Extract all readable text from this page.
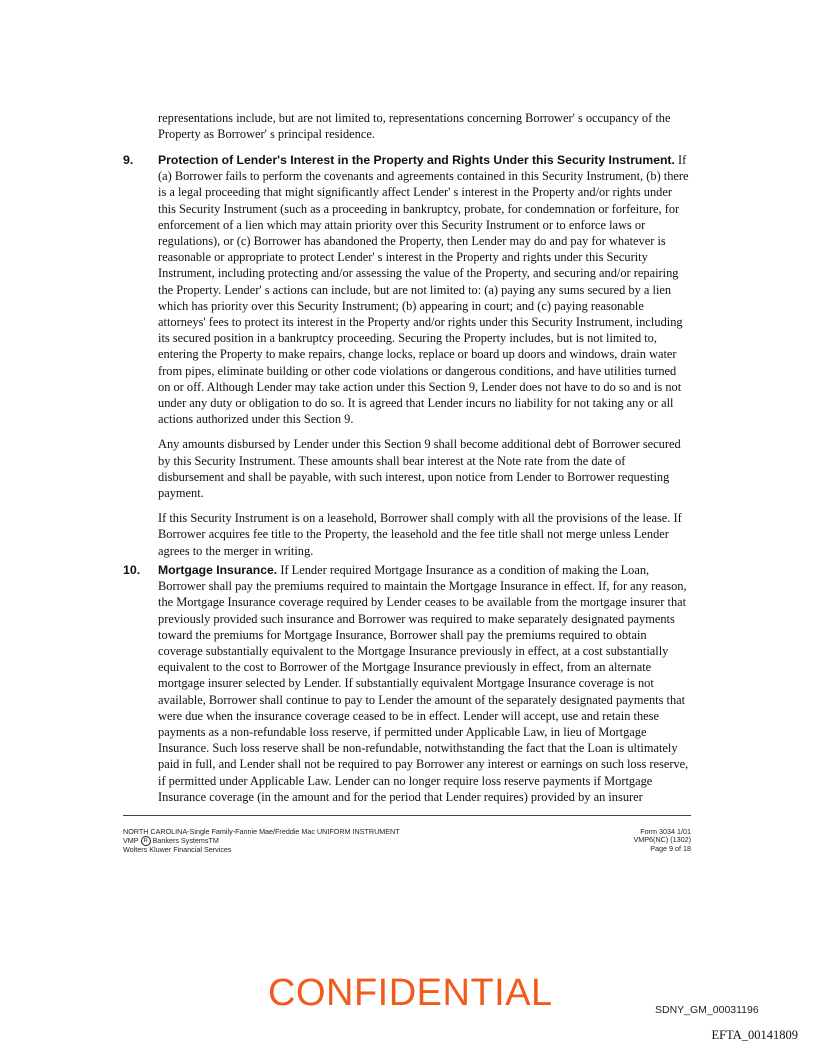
representations include, but are not limited to, representations concerning Borrower' s occupancy of the Property as Borrower' s principal residence.

9. Protection of Lender's Interest in the Property and Rights Under this Security Instrument. If (a) Borrower fails to perform the covenants and agreements contained in this Security Instrument, (b) there is a legal proceeding that might significantly affect Lender' s interest in the Property and/or rights under this Security Instrument (such as a proceeding in bankruptcy, probate, for condemnation or forfeiture, for enforcement of a lien which may attain priority over this Security Instrument or to enforce laws or regulations), or (c) Borrower has abandoned the Property, then Lender may do and pay for whatever is reasonable or appropriate to protect Lender' s interest in the Property and rights under this Security Instrument, including protecting and/or assessing the value of the Property, and securing and/or repairing the Property. Lender' s actions can include, but are not limited to: (a) paying any sums secured by a lien which has priority over this Security Instrument; (b) appearing in court; and (c) paying reasonable attorneys' fees to protect its interest in the Property and/or rights under this Security Instrument, including its secured position in a bankruptcy proceeding. Securing the Property includes, but is not limited to, entering the Property to make repairs, change locks, replace or board up doors and windows, drain water from pipes, eliminate building or other code violations or dangerous conditions, and have utilities turned on or off. Although Lender may take action under this Section 9, Lender does not have to do so and is not under any duty or obligation to do so. It is agreed that Lender incurs no liability for not taking any or all actions authorized under this Section 9.

Any amounts disbursed by Lender under this Section 9 shall become additional debt of Borrower secured by this Security Instrument. These amounts shall bear interest at the Note rate from the date of disbursement and shall be payable, with such interest, upon notice from Lender to Borrower requesting payment.

If this Security Instrument is on a leasehold, Borrower shall comply with all the provisions of the lease. If Borrower acquires fee title to the Property, the leasehold and the fee title shall not merge unless Lender agrees to the merger in writing.

10. Mortgage Insurance. If Lender required Mortgage Insurance as a condition of making the Loan, Borrower shall pay the premiums required to maintain the Mortgage Insurance in effect. If, for any reason, the Mortgage Insurance coverage required by Lender ceases to be available from the mortgage insurer that previously provided such insurance and Borrower was required to make separately designated payments toward the premiums for Mortgage Insurance, Borrower shall pay the premiums required to obtain coverage substantially equivalent to the Mortgage Insurance previously in effect, at a cost substantially equivalent to the cost to Borrower of the Mortgage Insurance previously in effect, from an alternate mortgage insurer selected by Lender. If substantially equivalent Mortgage Insurance coverage is not available, Borrower shall continue to pay to Lender the amount of the separately designated payments that were due when the insurance coverage ceased to be in effect. Lender will accept, use and retain these payments as a non-refundable loss reserve, if permitted under Applicable Law, in lieu of Mortgage Insurance. Such loss reserve shall be non-refundable, notwithstanding the fact that the Loan is ultimately paid in full, and Lender shall not be required to pay Borrower any interest or earnings on such loss reserve, if permitted under Applicable Law. Lender can no longer require loss reserve payments if Mortgage Insurance coverage (in the amount and for the period that Lender requires) provided by an insurer

NORTH CAROLINA-Single Family-Fannie Mae/Freddie Mac UNIFORM INSTRUMENT
VMP R Bankers SystemsTM
Wolters Kluwer Financial Services
Form 3034 1/01
VMP6(NC) (1302)
Page 9 of 18
CONFIDENTIAL	SDNY_GM_00031196
EFTA_00141809
